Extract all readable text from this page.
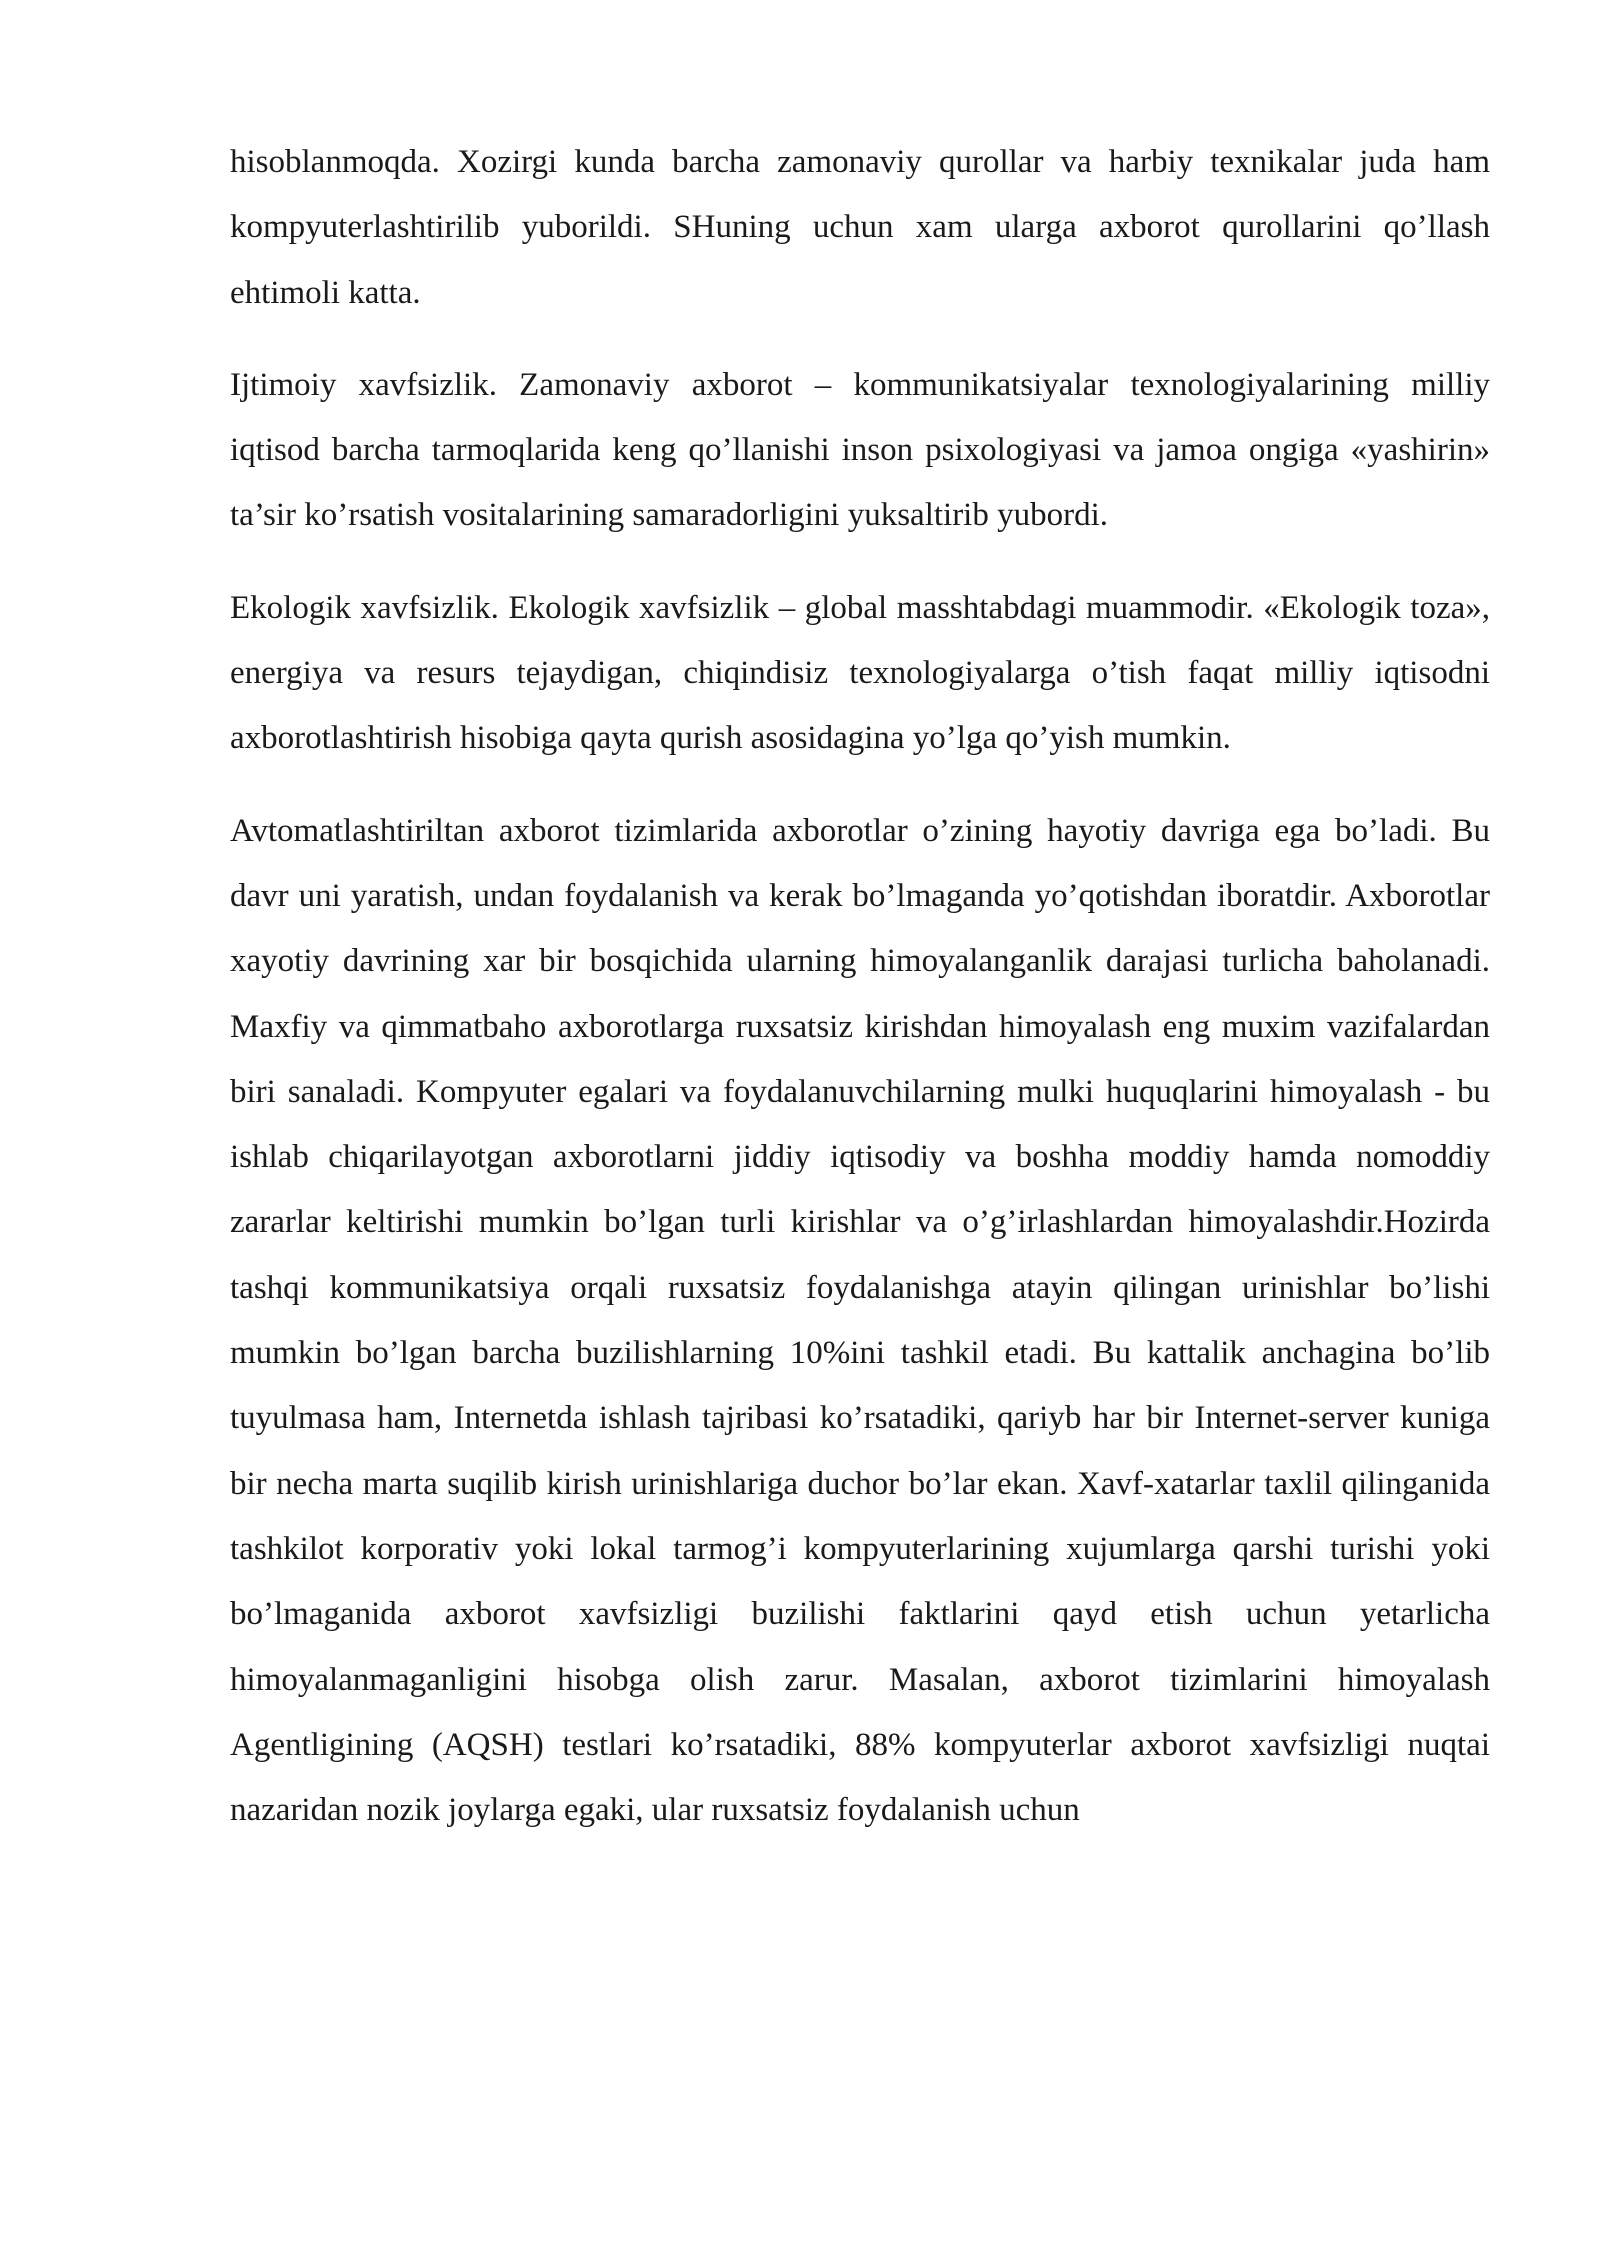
hisoblanmoqda. Xozirgi kunda barcha zamonaviy qurollar va harbiy texnikalar juda ham kompyuterlashtirilib yuborildi. SHuning uchun xam ularga axborot qurollarini qo’llash ehtimoli katta.

Ijtimoiy xavfsizlik. Zamonaviy axborot – kommunikatsiyalar texnologiyalarining milliy iqtisod barcha tarmoqlarida keng qo’llanishi inson psixologiyasi va jamoa ongiga «yashirin» ta’sir ko’rsatish vositalarining samaradorligini yuksaltirib yubordi.

Ekologik xavfsizlik. Ekologik xavfsizlik – global masshtabdagi muammodir. «Ekologik toza», energiya va resurs tejaydigan, chiqindisiz texnologiyalarga o’tish faqat milliy iqtisodni axborotlashtirish hisobiga qayta qurish asosidagina yo’lga qo’yish mumkin.

Avtomatlashtiriltan axborot tizimlarida axborotlar o’zining hayotiy davriga ega bo’ladi. Bu davr uni yaratish, undan foydalanish va kerak bo’lmaganda yo’qotishdan iboratdir. Axborotlar xayotiy davrining xar bir bosqichida ularning himoyalanganlik darajasi turlicha baholanadi. Maxfiy va qimmatbaho axborotlarga ruxsatsiz kirishdan himoyalash eng muxim vazifalardan biri sanaladi. Kompyuter egalari va foydalanuvchilarning mulki huquqlarini himoyalash - bu ishlab chiqarilayotgan axborotlarni jiddiy iqtisodiy va boshha moddiy hamda nomoddiy zararlar keltirishi mumkin bo’lgan turli kirishlar va o’g’irlashlardan himoyalashdir.Hozirda tashqi kommunikatsiya orqali ruxsatsiz foydalanishga atayin qilingan urinishlar bo’lishi mumkin bo’lgan barcha buzilishlarning 10%ini tashkil etadi. Bu kattalik anchagina bo’lib tuyulmasa ham, Internetda ishlash tajribasi ko’rsatadiki, qariyb har bir Internet-server kuniga bir necha marta suqilib kirish urinishlariga duchor bo’lar ekan. Xavf-xatarlar taxlil qilinganida tashkilot korporativ yoki lokal tarmog’i kompyuterlarining xujumlarga qarshi turishi yoki bo’lmaganida axborot xavfsizligi buzilishi faktlarini qayd etish uchun yetarlicha himoyalanmaganligini hisobga olish zarur. Masalan, axborot tizimlarini himoyalash Agentligining (AQSH) testlari ko’rsatadiki, 88% kompyuterlar axborot xavfsizligi nuqtai nazaridan nozik joylarga egaki, ular ruxsatsiz foydalanish uchun
